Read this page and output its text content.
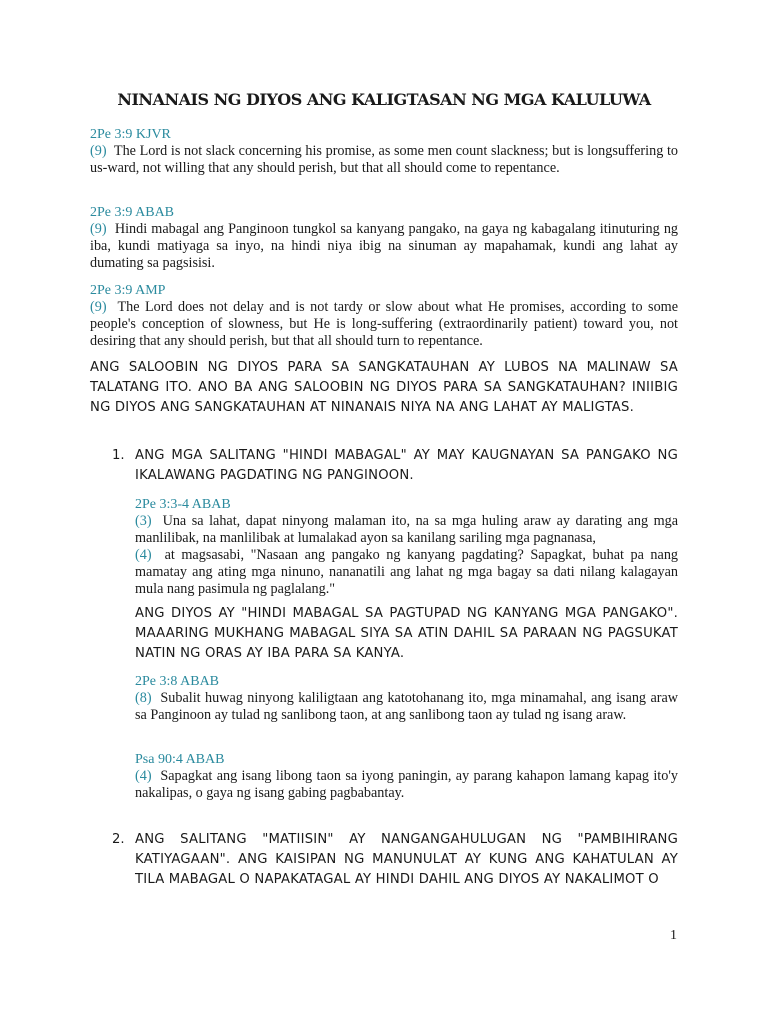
NINANAIS NG DIYOS ANG KALIGTASAN NG MGA KALULUWA
2Pe 3:9 KJVR
(9) The Lord is not slack concerning his promise, as some men count slackness; but is longsuffering to us-ward, not willing that any should perish, but that all should come to repentance.
2Pe 3:9 ABAB
(9) Hindi mabagal ang Panginoon tungkol sa kanyang pangako, na gaya ng kabagalang itinuturing ng iba, kundi matiyaga sa inyo, na hindi niya ibig na sinuman ay mapahamak, kundi ang lahat ay dumating sa pagsisisi.
2Pe 3:9 AMP
(9) The Lord does not delay and is not tardy or slow about what He promises, according to some people's conception of slowness, but He is long-suffering (extraordinarily patient) toward you, not desiring that any should perish, but that all should turn to repentance.
ANG SALOOBIN NG DIYOS PARA SA SANGKATAUHAN AY LUBOS NA MALINAW SA TALATANG ITO. ANO BA ANG SALOOBIN NG DIYOS PARA SA SANGKATAUHAN? INIIBIG NG DIYOS ANG SANGKATAUHAN AT NINANAIS NIYA NA ANG LAHAT AY MALIGTAS.
1. ANG MGA SALITANG "HINDI MABAGAL" AY MAY KAUGNAYAN SA PANGAKO NG IKALAWANG PAGDATING NG PANGINOON.
2Pe 3:3-4 ABAB
(3) Una sa lahat, dapat ninyong malaman ito, na sa mga huling araw ay darating ang mga manlilibak, na manlilibak at lumalakad ayon sa kanilang sariling mga pagnanasa,
(4) at magsasabi, "Nasaan ang pangako ng kanyang pagdating? Sapagkat, buhat pa nang mamatay ang ating mga ninuno, nananatili ang lahat ng mga bagay sa dati nilang kalagayan mula nang pasimula ng paglalang."
ANG DIYOS AY "HINDI MABAGAL SA PAGTUPAD NG KANYANG MGA PANGAKO". MAAARING MUKHANG MABAGAL SIYA SA ATIN DAHIL SA PARAAN NG PAGSUKAT NATIN NG ORAS AY IBA PARA SA KANYA.
2Pe 3:8 ABAB
(8) Subalit huwag ninyong kaliligtaan ang katotohanang ito, mga minamahal, ang isang araw sa Panginoon ay tulad ng sanlibong taon, at ang sanlibong taon ay tulad ng isang araw.
Psa 90:4 ABAB
(4) Sapagkat ang isang libong taon sa iyong paningin, ay parang kahapon lamang kapag ito'y nakalipas, o gaya ng isang gabing pagbabantay.
2. ANG SALITANG "MATIISIN" AY NANGANGAHULUGAN NG "PAMBIHIRANG KATIYAGAAN". ANG KAISIPAN NG MANUNULAT AY KUNG ANG KAHATULAN AY TILA MABAGAL O NAPAKATAGAL AY HINDI DAHIL ANG DIYOS AY NAKALIMOT O
1
